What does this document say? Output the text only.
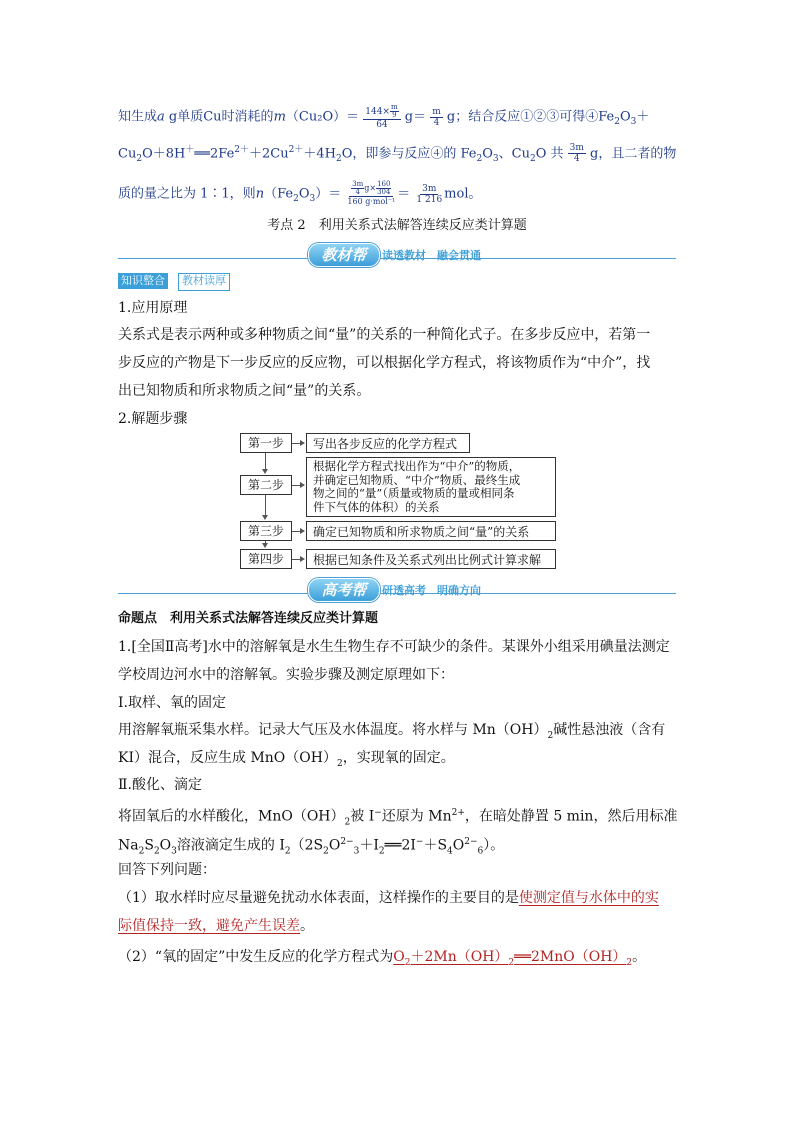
知生成a g单质Cu时消耗的$m(Cu_2O)= \frac{144\times \frac{m}{9}}{64} g= \frac{m}{4}$ g；结合反应①②③可得$④Fe_2O_3+$
$Cu_2O+8H^+══2Fe^{2+}+2Cu^{2+}+4H_2O$，即参与反应④的 $Fe_2O_3$、$Cu_2O$ 共 $\frac{3m}{4}$ g，且二者的物
质的量之比为 1∶1，则$n(Fe_2O_3)= \frac{\frac{3m}{4} g\times \frac{160}{304}}{\text{160 g·mol⁻¹}} = \frac{3m}{1 216}$ mol。
考点 2　利用关系式法解答连续反应类计算题
教材帮	读透教材　融会贯通
知识整合	教材读厚
1.应用原理
关系式是表示两种或多种物质之间“量”的关系的一种简化式子。在多步反应中，若第一
步反应的产物是下一步反应的反应物，可以根据化学方程式，将该物质作为“中介”，找
出已知物质和所求物质之间“量”的关系。
2.解题步骤
第一步	写出各步反应的化学方程式
第二步
根据化学方程式找出作为“中介”的物质，
并确定已知物质、“中介”物质、最终生成
物之间的“量”（质量或物质的量或相同条
件下气体的体积）的关系
第三步	确定已知物质和所求物质之间“量”的关系
第四步	根据已知条件及关系式列出比例式计算求解
高考帮	研透高考　明确方向
命题点　利用关系式法解答连续反应类计算题
1.[全国Ⅱ高考]水中的溶解氧是水生生物生存不可缺少的条件。某课外小组采用碘量法测定
学校周边河水中的溶解氧。实验步骤及测定原理如下：
Ⅰ.取样、氧的固定
用溶解氧瓶采集水样。记录大气压及水体温度。将水样与 $Mn(OH)_2$碱性悬浊液（含有
KI）混合，反应生成 $MnO(OH)_2$，实现氧的固定。
Ⅱ.酸化、滴定
将固氧后的水样酸化，$MnO(OH)_2$被 I−还原为 $Mn^{2+}$，在暗处静置 5 min，然后用标准
$Na_2S_2O_3$溶液滴定生成的 $I_2(2S_2O^{2-}_3+I_2══2I^-+S_4O^{2-}_6)$。
回答下列问题：
（1）取水样时应尽量避免扰动水体表面，这样操作的主要目的是使测定值与水体中的实
际值保持一致，避免产生误差。
（2）“氧的固定”中发生反应的化学方程式为$O_2+2Mn(OH)_2══2MnO(OH)_2$。
